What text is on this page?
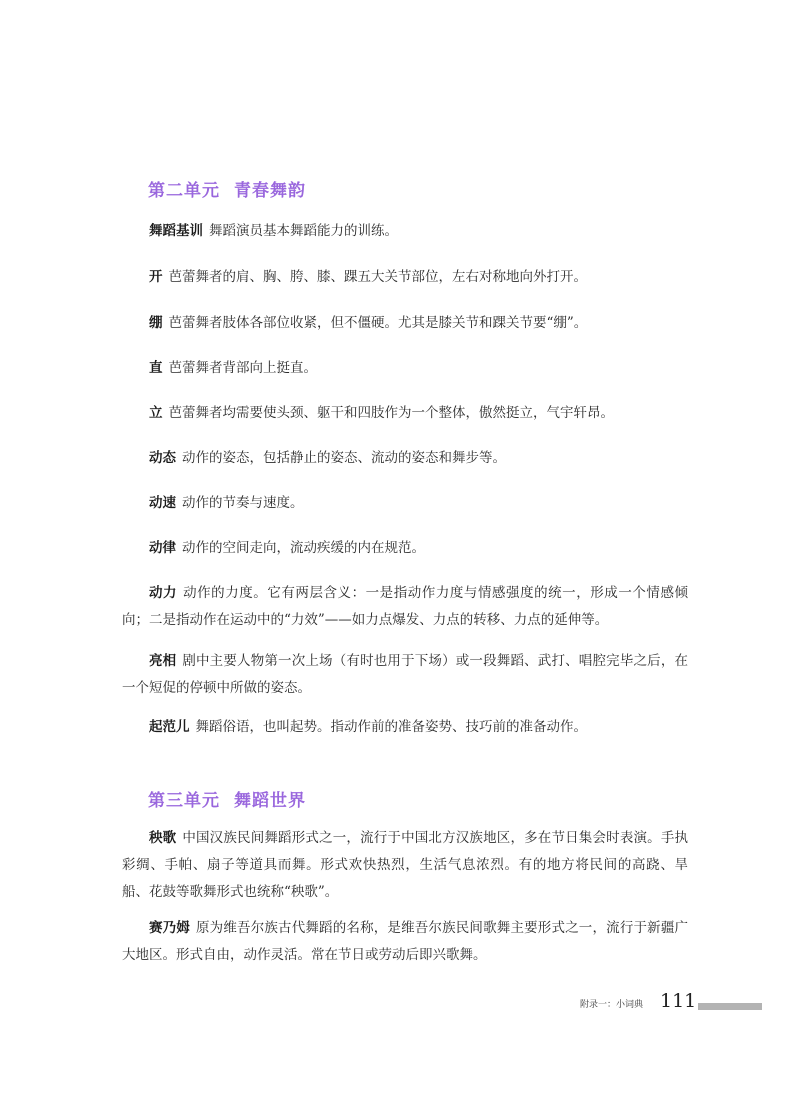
第二单元 青春舞韵
舞蹈基训 舞蹈演员基本舞蹈能力的训练。
开 芭蕾舞者的肩、胸、胯、膝、踝五大关节部位，左右对称地向外打开。
绷 芭蕾舞者肢体各部位收紧，但不僵硬。尤其是膝关节和踝关节要“绷”。
直 芭蕾舞者背部向上挺直。
立 芭蕾舞者均需要使头颈、躯干和四肢作为一个整体，傲然挺立，气宇轩昂。
动态 动作的姿态，包括静止的姿态、流动的姿态和舞步等。
动速 动作的节奏与速度。
动律 动作的空间走向，流动疾缓的内在规范。
动力 动作的力度。它有两层含义：一是指动作力度与情感强度的统一，形成一个情感倾向；二是指动作在运动中的“力效”——如力点爆发、力点的转移、力点的延伸等。
亮相 剧中主要人物第一次上场（有时也用于下场）或一段舞蹈、武打、唱腔完毕之后，在一个短促的停顿中所做的姿态。
起范儿 舞蹈俗语，也叫起势。指动作前的准备姿势、技巧前的准备动作。
第三单元 舞蹈世界
秧歌 中国汉族民间舞蹈形式之一，流行于中国北方汉族地区，多在节日集会时表演。手执彩绸、手帕、扇子等道具而舞。形式欢快热烈，生活气息浓烈。有的地方将民间的高跷、旱船、花鼓等歌舞形式也统称“秧歌”。
赛乃姆 原为维吾尔族古代舞蹈的名称，是维吾尔族民间歌舞主要形式之一，流行于新疆广大地区。形式自由，动作灵活。常在节日或劳动后即兴歌舞。
附录一：小词典 111
